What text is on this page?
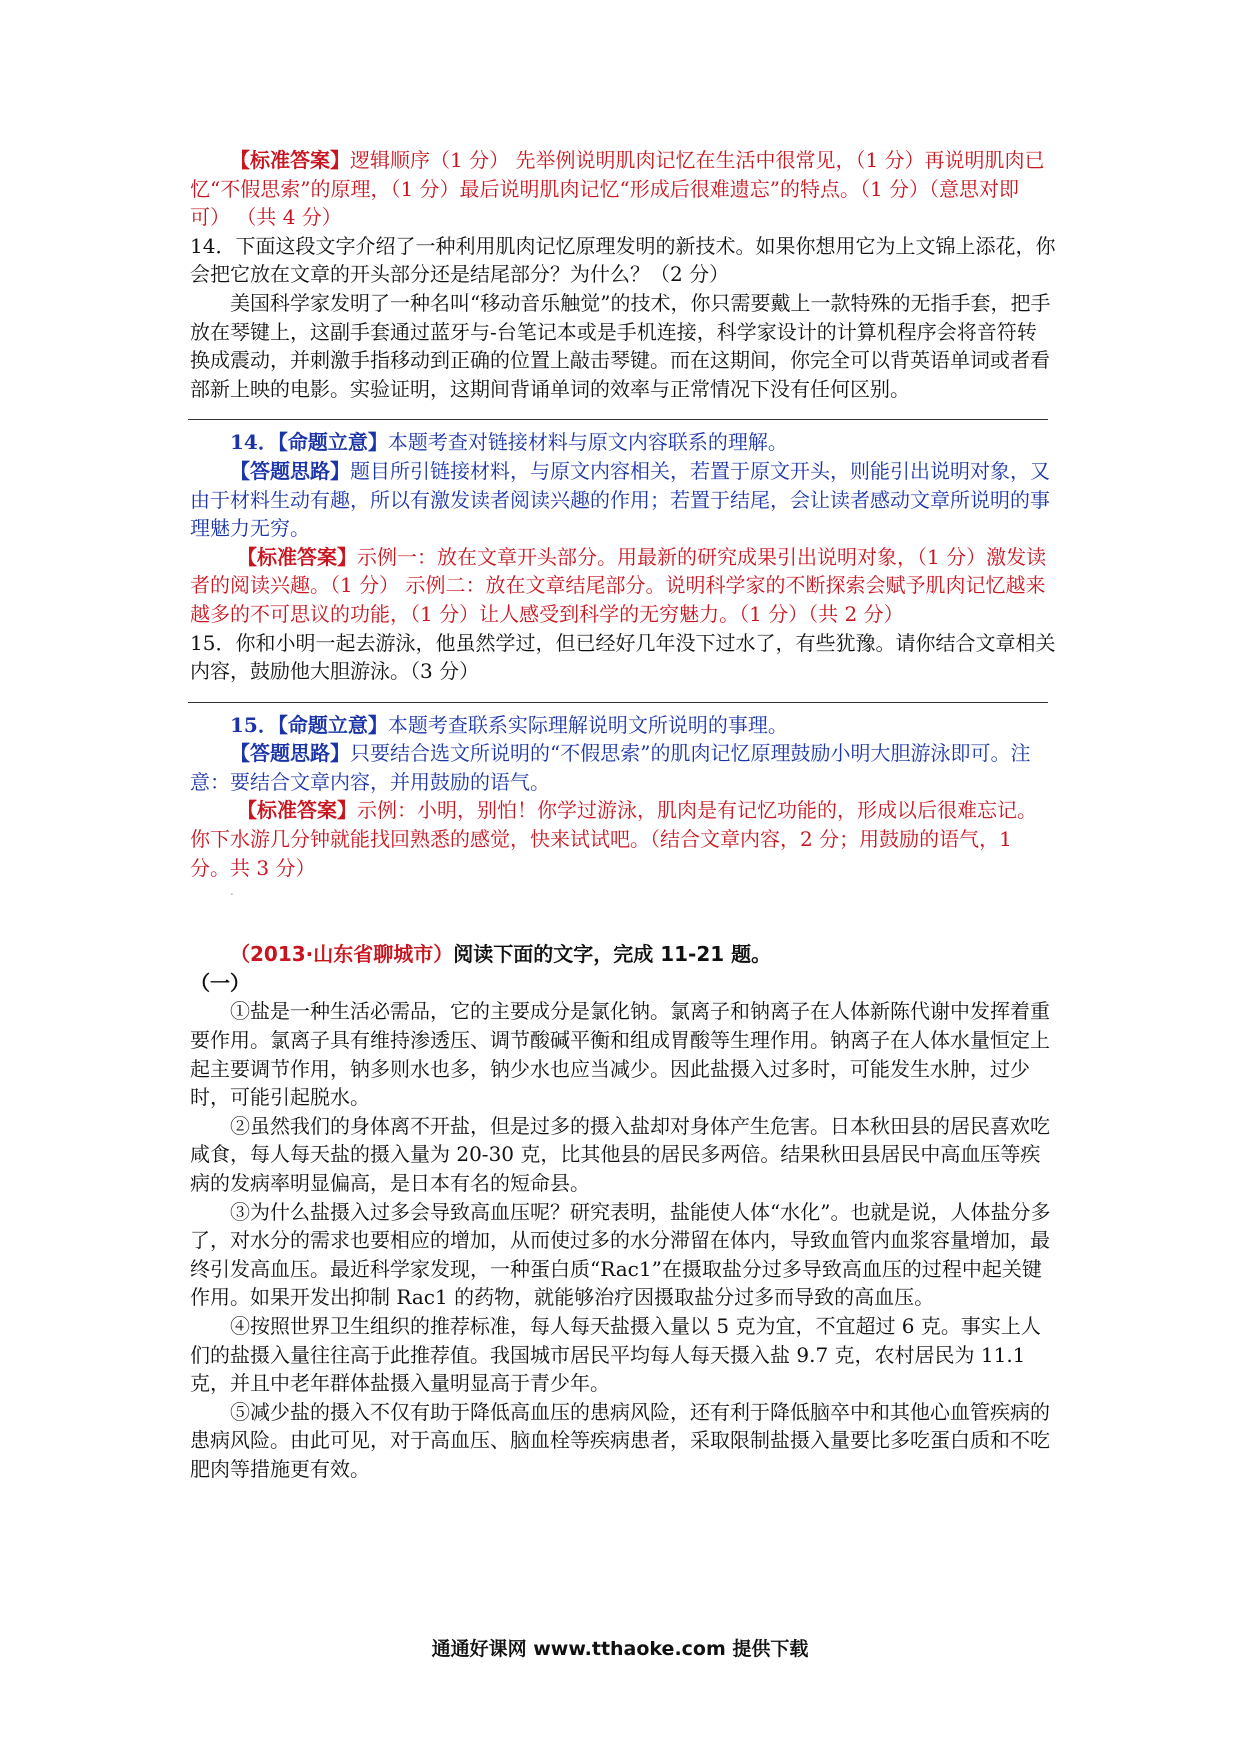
【标准答案】逻辑顺序（1 分） 先举例说明肌肉记忆在生活中很常见，（1 分）再说明肌肉已忆“不假思索”的原理，（1 分）最后说明肌肉记忆“形成后很难遗忘”的特点。（1 分）（意思对即可） （共 4 分）

14．下面这段文字介绍了一种利用肌肉记忆原理发明的新技术。如果你想用它为上文锦上添花，你会把它放在文章的开头部分还是结尾部分？为什么？（2 分）

美国科学家发明了一种名叫“移动音乐触觉”的技术，你只需要戴上一款特殊的无指手套，把手放在琴键上，这副手套通过蓝牙与-台笔记本或是手机连接，科学家设计的计算机程序会将音符转换成震动，并刺激手指移动到正确的位置上敲击琴键。而在这期间，你完全可以背英语单词或者看部新上映的电影。实验证明，这期间背诵单词的效率与正常情况下没有任何区别。

14．【命题立意】本题考查对链接材料与原文内容联系的理解。

【答题思路】题目所引链接材料，与原文内容相关，若置于原文开头，则能引出说明对象，又由于材料生动有趣，所以有激发读者阅读兴趣的作用；若置于结尾，会让读者感动文章所说明的事理魅力无穷。

【标准答案】示例一：放在文章开头部分。用最新的研究成果引出说明对象，（1 分）激发读者的阅读兴趣。（1 分） 示例二：放在文章结尾部分。说明科学家的不断探索会赋予肌肉记忆越来越多的不可思议的功能，（1 分）让人感受到科学的无穷魅力。（1 分）（共 2 分）

15．你和小明一起去游泳，他虽然学过，但已经好几年没下过水了，有些犹豫。请你结合文章相关内容，鼓励他大胆游泳。（3 分）

15．【命题立意】本题考查联系实际理解说明文所说明的事理。

【答题思路】只要结合选文所说明的“不假思索”的肌肉记忆原理鼓励小明大胆游泳即可。注意：要结合文章内容，并用鼓励的语气。

【标准答案】示例：小明，别怕！你学过游泳，肌肉是有记忆功能的，形成以后很难忘记。你下水游几分钟就能找回熟悉的感觉，快来试试吧。（结合文章内容，2 分；用鼓励的语气，1 分。共 3 分）

.

（2013·山东省聊城市）阅读下面的文字，完成 11-21 题。

（一）

①盐是一种生活必需品，它的主要成分是氯化钠。氯离子和钠离子在人体新陈代谢中发挥着重要作用。氯离子具有维持渗透压、调节酸碱平衡和组成胃酸等生理作用。钠离子在人体水量恒定上起主要调节作用，钠多则水也多，钠少水也应当减少。因此盐摄入过多时，可能发生水肿，过少时，可能引起脱水。

②虽然我们的身体离不开盐，但是过多的摄入盐却对身体产生危害。日本秋田县的居民喜欢吃咸食，每人每天盐的摄入量为 20-30 克，比其他县的居民多两倍。结果秋田县居民中高血压等疾病的发病率明显偏高，是日本有名的短命县。

③为什么盐摄入过多会导致高血压呢？研究表明，盐能使人体“水化”。也就是说，人体盐分多了，对水分的需求也要相应的增加，从而使过多的水分滞留在体内，导致血管内血浆容量增加，最终引发高血压。最近科学家发现，一种蛋白质“Rac1”在摄取盐分过多导致高血压的过程中起关键作用。如果开发出抑制 Rac1 的药物，就能够治疗因摄取盐分过多而导致的高血压。

④按照世界卫生组织的推荐标准，每人每天盐摄入量以 5 克为宜，不宜超过 6 克。事实上人们的盐摄入量往往高于此推荐值。我国城市居民平均每人每天摄入盐 9.7 克，农村居民为 11.1 克，并且中老年群体盐摄入量明显高于青少年。

⑤减少盐的摄入不仅有助于降低高血压的患病风险，还有利于降低脑卒中和其他心血管疾病的患病风险。由此可见，对于高血压、脑血栓等疾病患者，采取限制盐摄入量要比多吃蛋白质和不吃肥肉等措施更有效。

通通好课网 www.tthaoke.com 提供下载
